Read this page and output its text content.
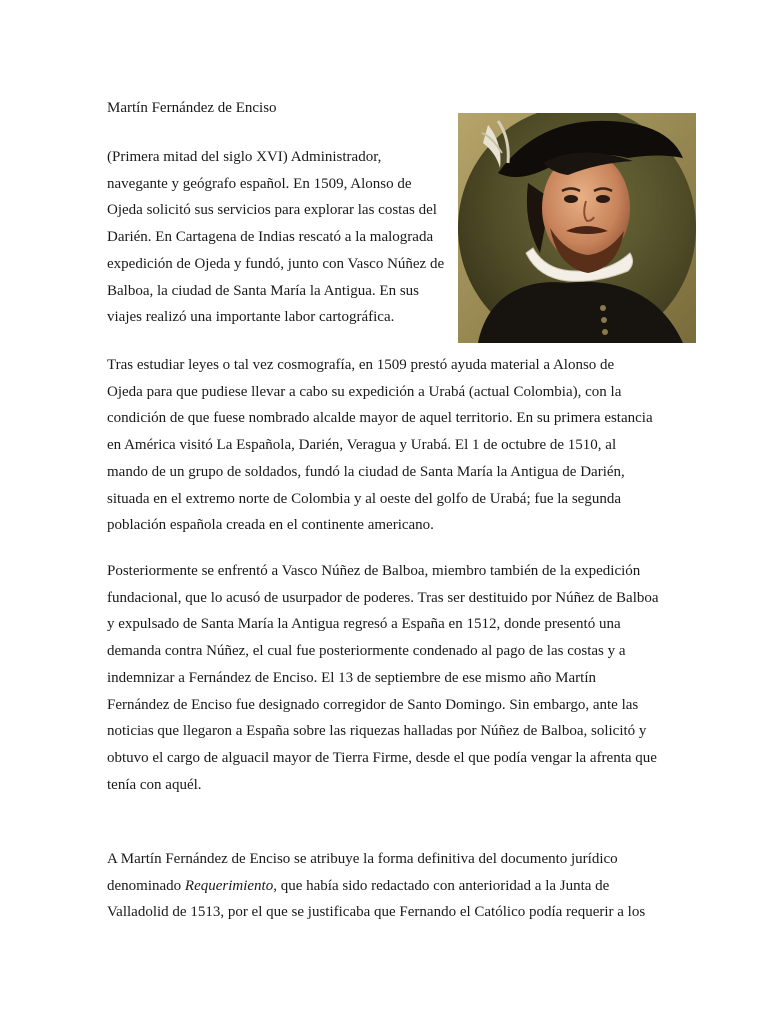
Martín Fernández de Enciso
(Primera mitad del siglo XVI) Administrador,
navegante y geógrafo español. En 1509, Alonso de
Ojeda solicitó sus servicios para explorar las costas del
Darién. En Cartagena de Indias rescató a la malograda
expedición de Ojeda y fundó, junto con Vasco Núñez de
Balboa, la ciudad de Santa María la Antigua. En sus
viajes realizó una importante labor cartográfica.
Tras estudiar leyes o tal vez cosmografía, en 1509 prestó ayuda material a Alonso de
Ojeda para que pudiese llevar a cabo su expedición a Urabá (actual Colombia), con la
condición de que fuese nombrado alcalde mayor de aquel territorio. En su primera estancia
en América visitó La Española, Darién, Veragua y Urabá. El 1 de octubre de 1510, al
mando de un grupo de soldados, fundó la ciudad de Santa María la Antigua de Darién,
situada en el extremo norte de Colombia y al oeste del golfo de Urabá; fue la segunda
población española creada en el continente americano.
Posteriormente se enfrentó a Vasco Núñez de Balboa, miembro también de la expedición
fundacional, que lo acusó de usurpador de poderes. Tras ser destituido por Núñez de Balboa
y expulsado de Santa María la Antigua regresó a España en 1512, donde presentó una
demanda contra Núñez, el cual fue posteriormente condenado al pago de las costas y a
indemnizar a Fernández de Enciso. El 13 de septiembre de ese mismo año Martín
Fernández de Enciso fue designado corregidor de Santo Domingo. Sin embargo, ante las
noticias que llegaron a España sobre las riquezas halladas por Núñez de Balboa, solicitó y
obtuvo el cargo de alguacil mayor de Tierra Firme, desde el que podía vengar la afrenta que
tenía con aquél.
A Martín Fernández de Enciso se atribuye la forma definitiva del documento jurídico
denominado Requerimiento, que había sido redactado con anterioridad a la Junta de
Valladolid de 1513, por el que se justificaba que Fernando el Católico podía requerir a los
